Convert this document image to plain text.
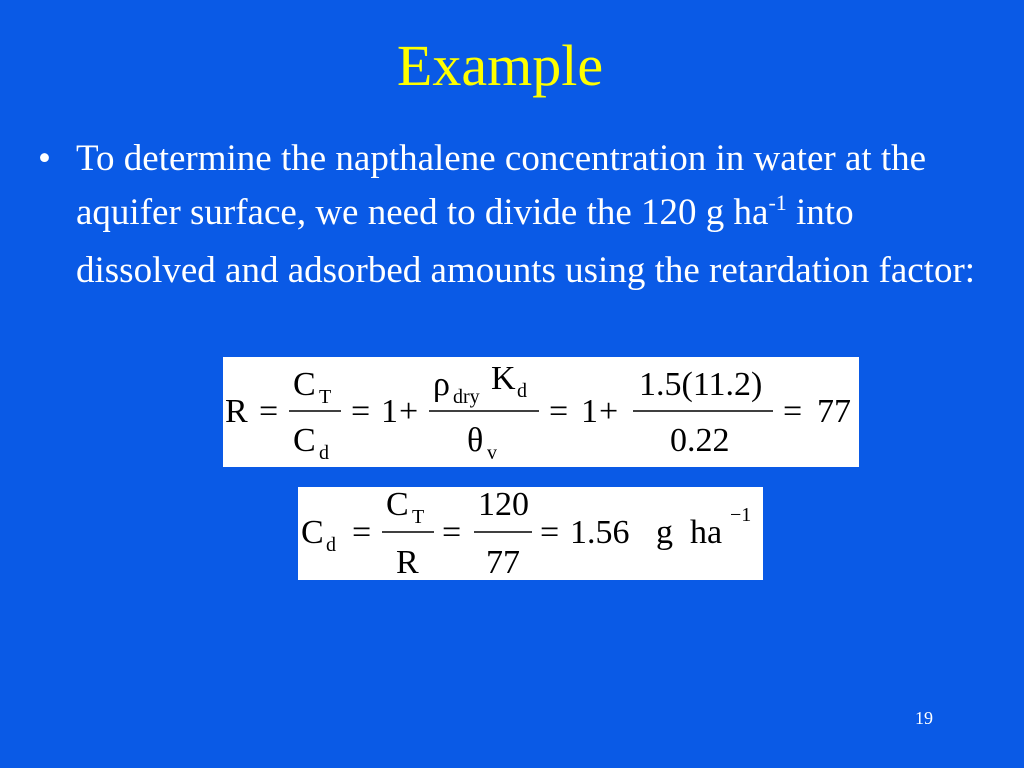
Example
• To determine the napthalene concentration in water at the aquifer surface, we need to divide the 120 g $ha^{-1}$ into dissolved and adsorbed amounts using the retardation factor:
R =
C T
C d
= 1 +
ρ dry K d
θ v
= 1 +
1.5(11.2)
0.22
= 77
C d =
C T
R
=
120
77
= 1.56 g ha −1
19
